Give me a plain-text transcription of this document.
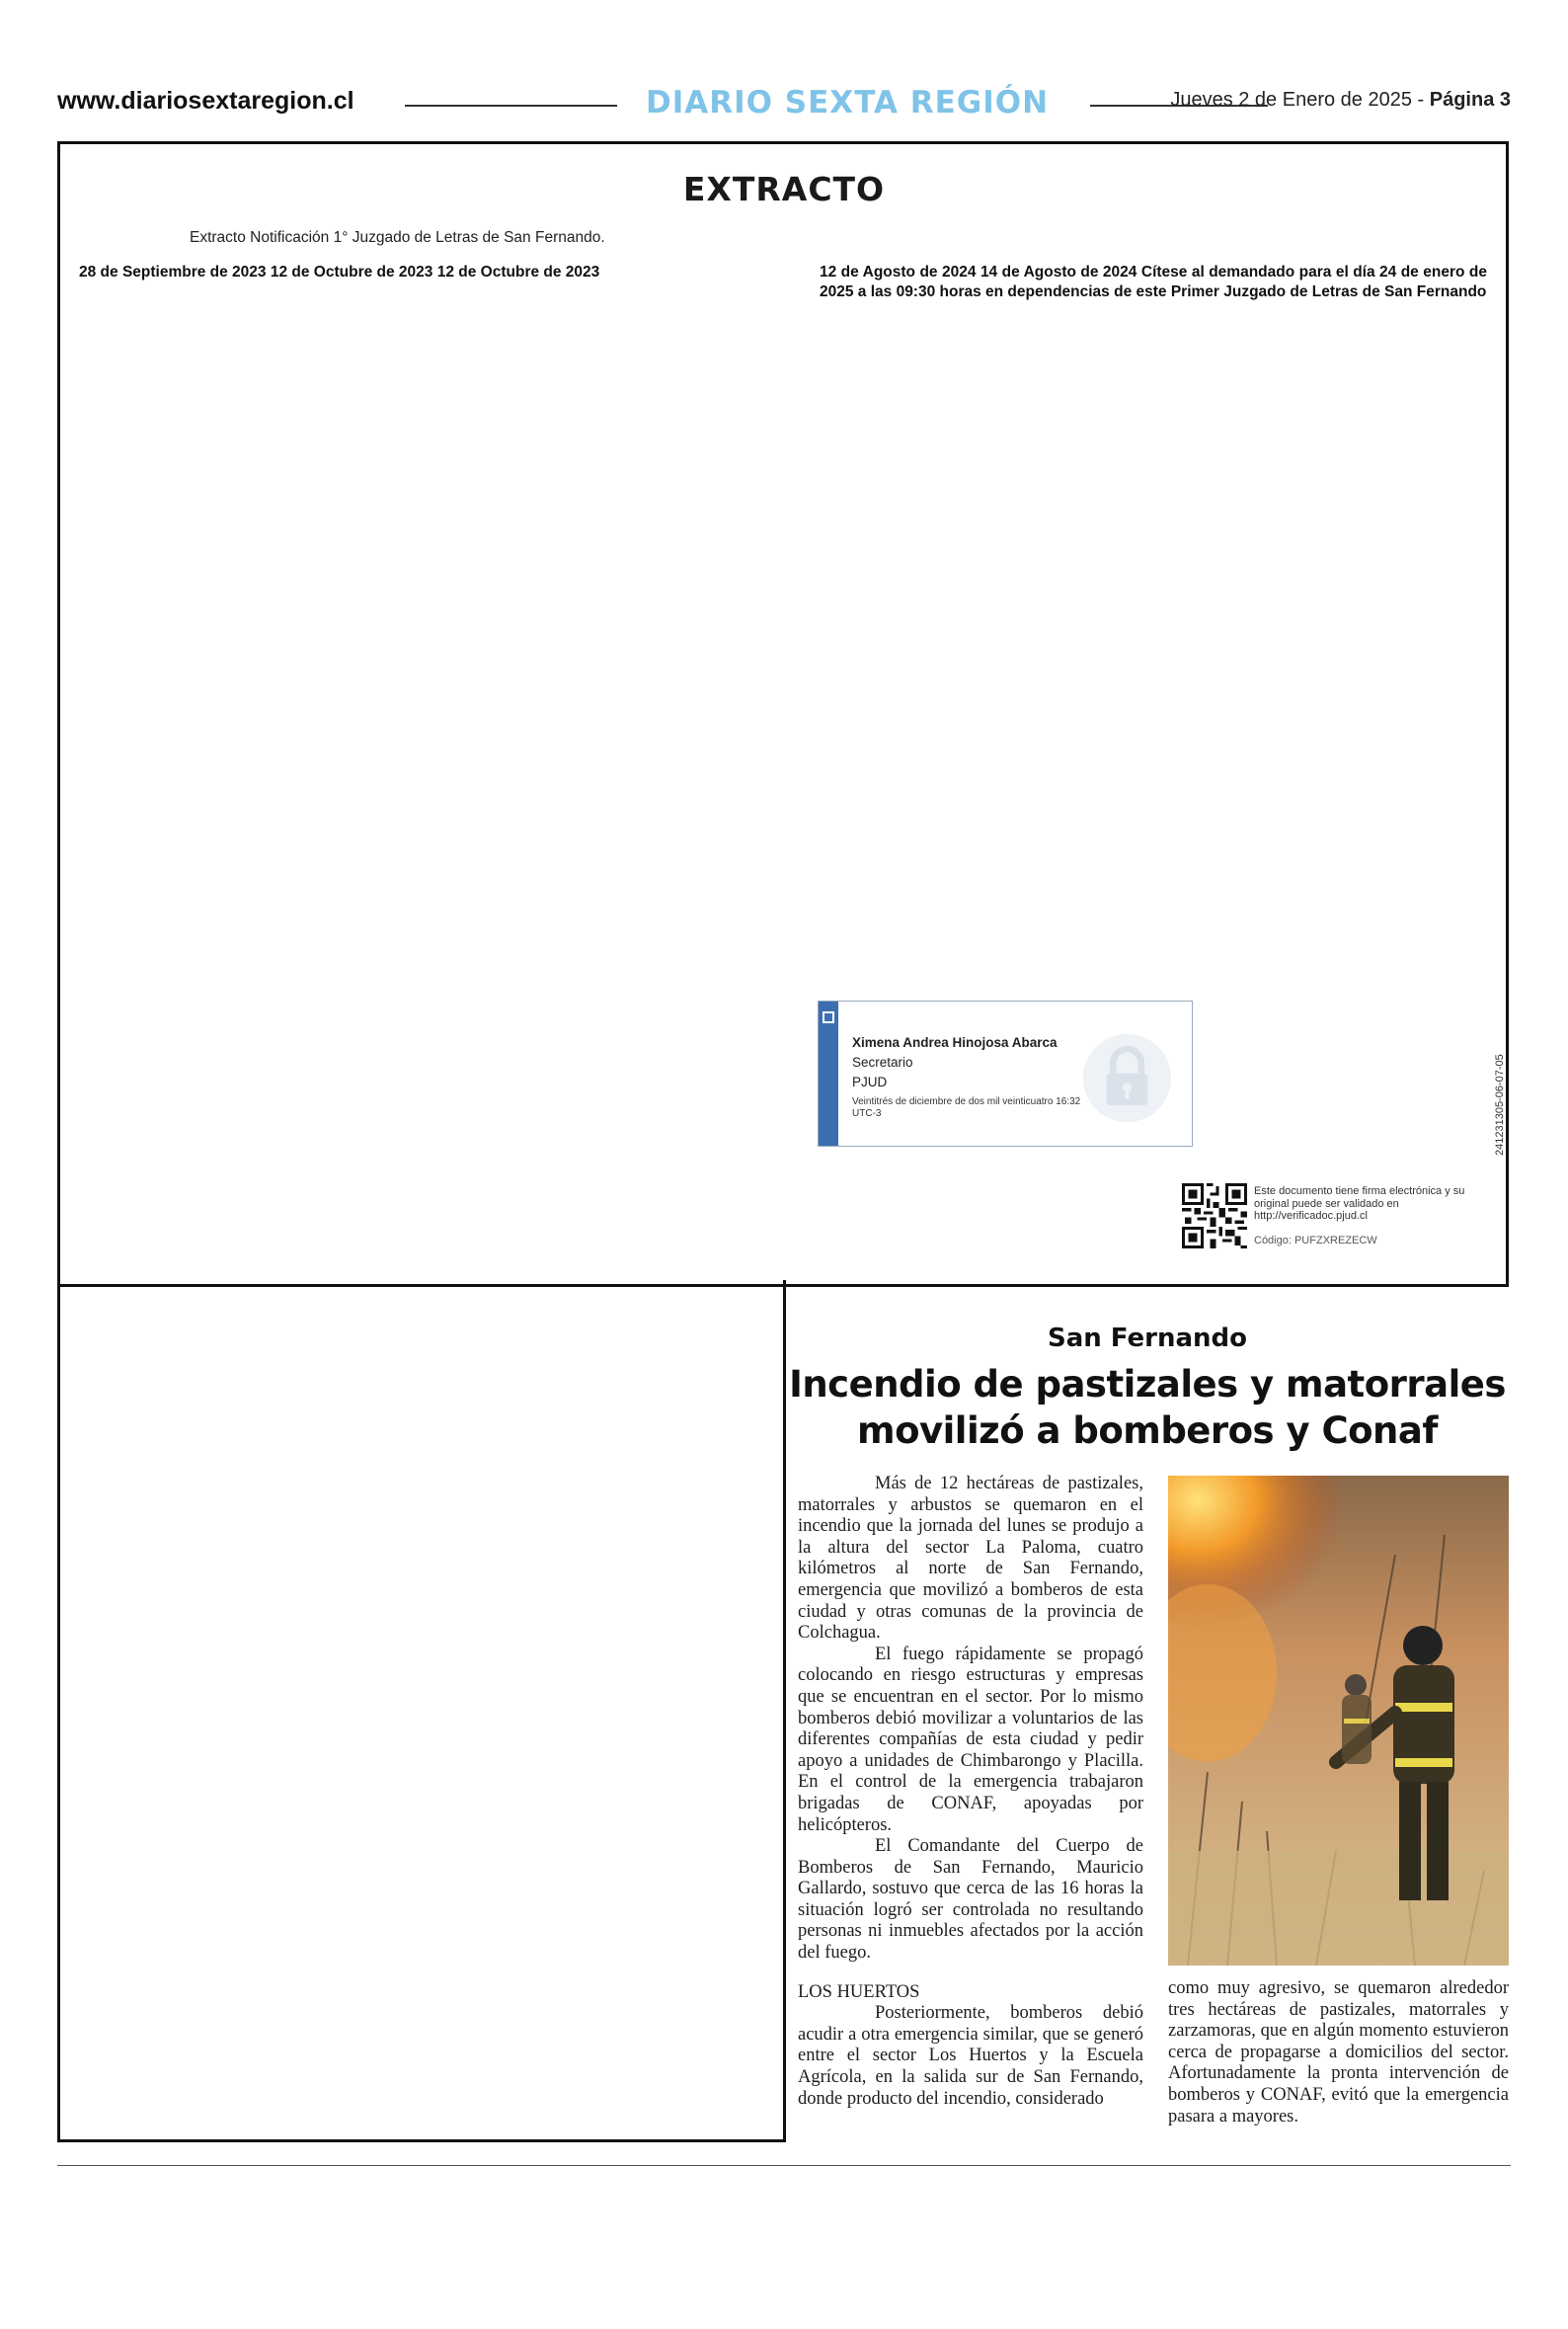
www.diariosextaregion.cl	DIARIO SEXTA REGIÓN	Jueves 2 de Enero de 2025 - Página 3
EXTRACTO
Extracto Notificación 1° Juzgado de Letras de San Fernando.
28 de Septiembre de 2023 12 de Octubre de 2023 12 de Octubre de 2023	12 de Agosto de 2024 14 de Agosto de 2024 Cítese al demandado para el día 24 de enero de 2025 a las 09:30 horas en dependencias de este Primer Juzgado de Letras de San Fernando
Ximena Andrea Hinojosa Abarca
Secretario
PJUD
Veintitrés de diciembre de dos mil veinticuatro 16:32 UTC-3	241231305-06-07-05
Este documento tiene firma electrónica y su original puede ser validado en http://verificadoc.pjud.cl
Código: PUFZXREZECW
San Fernando
Incendio de pastizales y matorrales movilizó a bomberos y Conaf

Más de 12 hectáreas de pastizales, matorrales y arbustos se quemaron en el incendio que la jornada del lunes se produjo a la altura del sector La Paloma, cuatro kilómetros al norte de San Fernando, emergencia que movilizó a bomberos de esta ciudad y otras comunas de la provincia de Colchagua.

El fuego rápidamente se propagó colocando en riesgo estructuras y empresas que se encuentran en el sector. Por lo mismo bomberos debió movilizar a voluntarios de las diferentes compañías de esta ciudad y pedir apoyo a unidades de Chimbarongo y Placilla. En el control de la emergencia trabajaron brigadas de CONAF, apoyadas por helicópteros.

El Comandante del Cuerpo de Bomberos de San Fernando, Mauricio Gallardo, sostuvo que cerca de las 16 horas la situación logró ser controlada no resultando personas ni inmuebles afectados por la acción del fuego.

LOS HUERTOS

Posteriormente, bomberos debió acudir a otra emergencia similar, que se generó entre el sector Los Huertos y la Escuela Agrícola, en la salida sur de San Fernando, donde producto del incendio, considerado

como muy agresivo, se quemaron alrededor tres hectáreas de pastizales, matorrales y zarzamoras, que en algún momento estuvieron cerca de propagarse a domicilios del sector. Afortunadamente la pronta intervención de bomberos y CONAF, evitó que la emergencia pasara a mayores.
